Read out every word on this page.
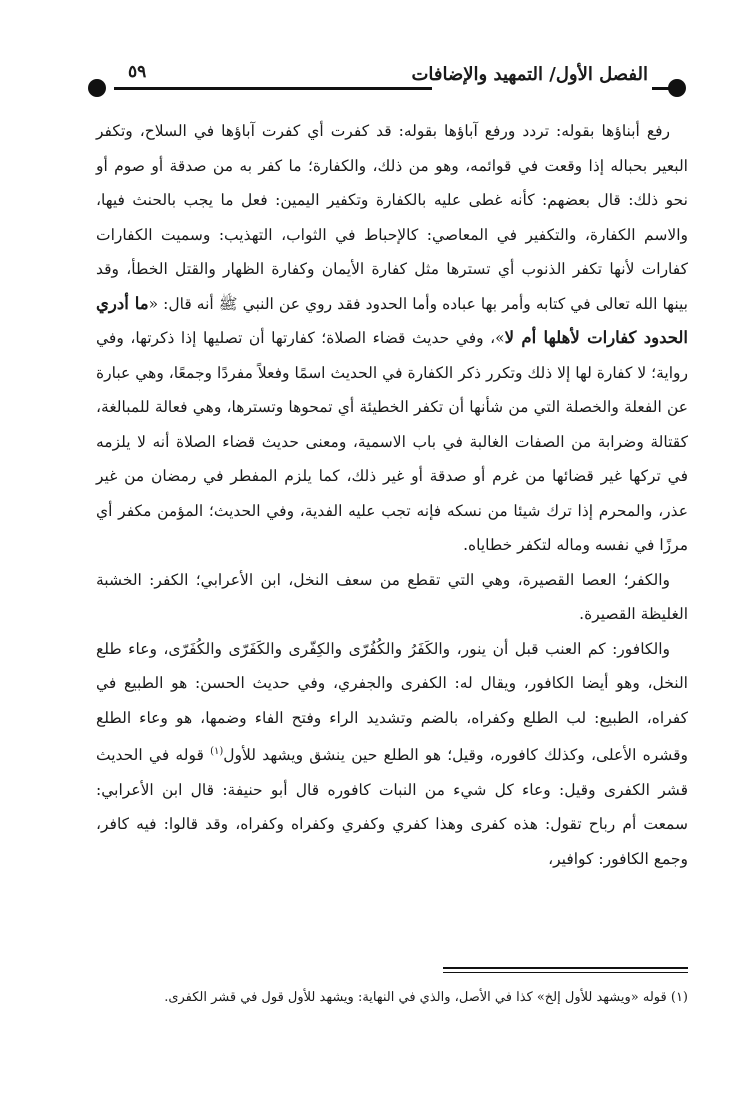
٥٩	الفصل الأول/ التمهيد والإضافات

رفع أبناؤها بقوله: تردد ورفع آباؤها بقوله: قد كفرت أي كفرت آباؤها في السلاح، وتكفر البعير بحباله إذا وقعت في قوائمه، وهو من ذلك، والكفارة؛ ما كفر به من صدقة أو صوم أو نحو ذلك: قال بعضهم: كأنه غطى عليه بالكفارة وتكفير اليمين: فعل ما يجب بالحنث فيها، والاسم الكفارة، والتكفير في المعاصي: كالإحباط في الثواب، التهذيب: وسميت الكفارات كفارات لأنها تكفر الذنوب أي تسترها مثل كفارة الأيمان وكفارة الظهار والقتل الخطأ، وقد بينها الله تعالى في كتابه وأمر بها عباده وأما الحدود فقد روي عن النبي ﷺ أنه قال: «ما أدري الحدود كفارات لأهلها أم لا»، وفي حديث قضاء الصلاة؛ كفارتها أن تصليها إذا ذكرتها، وفي رواية؛ لا كفارة لها إلا ذلك وتكرر ذكر الكفارة في الحديث اسمًا وفعلاً مفردًا وجمعًا، وهي عبارة عن الفعلة والخصلة التي من شأنها أن تكفر الخطيئة أي تمحوها وتسترها، وهي فعالة للمبالغة، كقتالة وضرابة من الصفات الغالبة في باب الاسمية، ومعنى حديث قضاء الصلاة أنه لا يلزمه في تركها غير قضائها من غرم أو صدقة أو غير ذلك، كما يلزم المفطر في رمضان من غير عذر، والمحرم إذا ترك شيئا من نسكه فإنه تجب عليه الفدية، وفي الحديث؛ المؤمن مكفر أي مرزًا في نفسه وماله لتكفر خطاياه.

والكفر؛ العصا القصيرة، وهي التي تقطع من سعف النخل، ابن الأعرابي؛ الكفر: الخشبة الغليظة القصيرة.

والكافور: كم العنب قبل أن ينور، والكَفَرُ والكُفُرّى والكِفّرى والكَفَرّى والكُفَرّى، وعاء طلع النخل، وهو أيضا الكافور، ويقال له: الكفرى والجفري، وفي حديث الحسن: هو الطبيع في كفراه، الطبيع: لب الطلع وكفراه، بالضم وتشديد الراء وفتح الفاء وضمها، هو وعاء الطلع وقشره الأعلى، وكذلك كافوره، وقيل؛ هو الطلع حين ينشق ويشهد للأول$^{(١)}$ قوله في الحديث قشر الكفرى وقيل: وعاء كل شيء من النبات كافوره قال أبو حنيفة: قال ابن الأعرابي: سمعت أم رباح تقول: هذه كفرى وهذا كفري وكفري وكفراه وكفراه، وقد قالوا: فيه كافر، وجمع الكافور: كوافير،

(١) قوله «ويشهد للأول إلخ» كذا في الأصل، والذي في النهاية: ويشهد للأول قول في قشر الكفرى.
